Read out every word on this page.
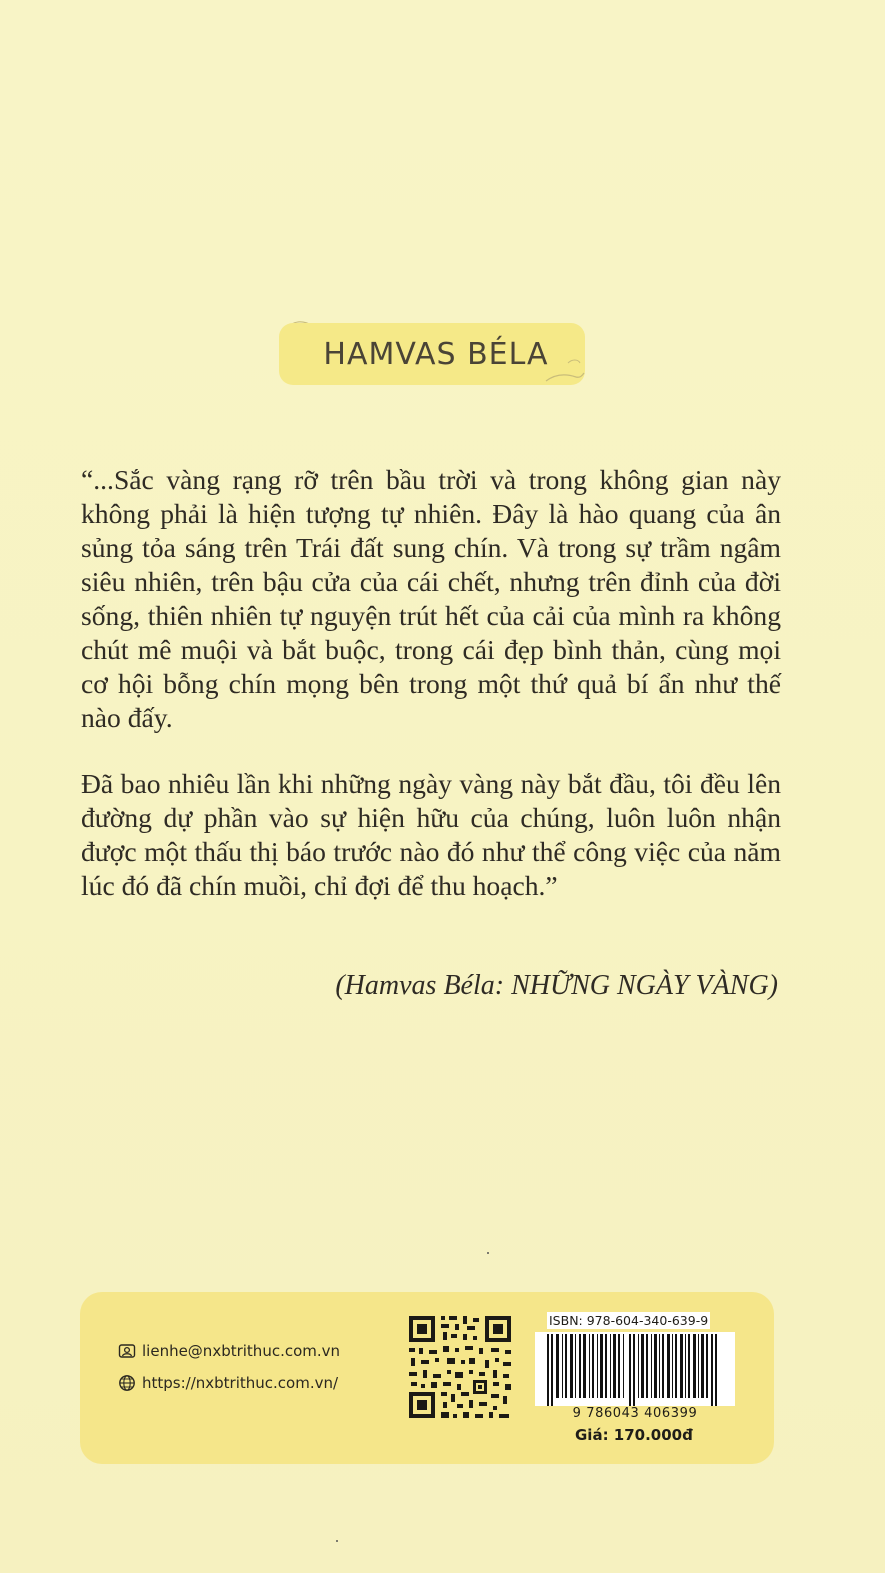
HAMVAS BÉLA

“...Sắc vàng rạng rỡ trên bầu trời và trong không gian này không phải là hiện tượng tự nhiên. Đây là hào quang của ân sủng tỏa sáng trên Trái đất sung chín. Và trong sự trầm ngâm siêu nhiên, trên bậu cửa của cái chết, nhưng trên đỉnh của đời sống, thiên nhiên tự nguyện trút hết của cải của mình ra không chút mê muội và bắt buộc, trong cái đẹp bình thản, cùng mọi cơ hội bỗng chín mọng bên trong một thứ quả bí ẩn như thế nào đấy.

Đã bao nhiêu lần khi những ngày vàng này bắt đầu, tôi đều lên đường dự phần vào sự hiện hữu của chúng, luôn luôn nhận được một thấu thị báo trước nào đó như thể công việc của năm lúc đó đã chín muồi, chỉ đợi để thu hoạch.”

(Hamvas Béla: NHỮNG NGÀY VÀNG)
lienhe@nxbtrithuc.com.vn
https://nxbtrithuc.com.vn/
ISBN: 978-604-340-639-9
9 786043 406399
Giá: 170.000đ
